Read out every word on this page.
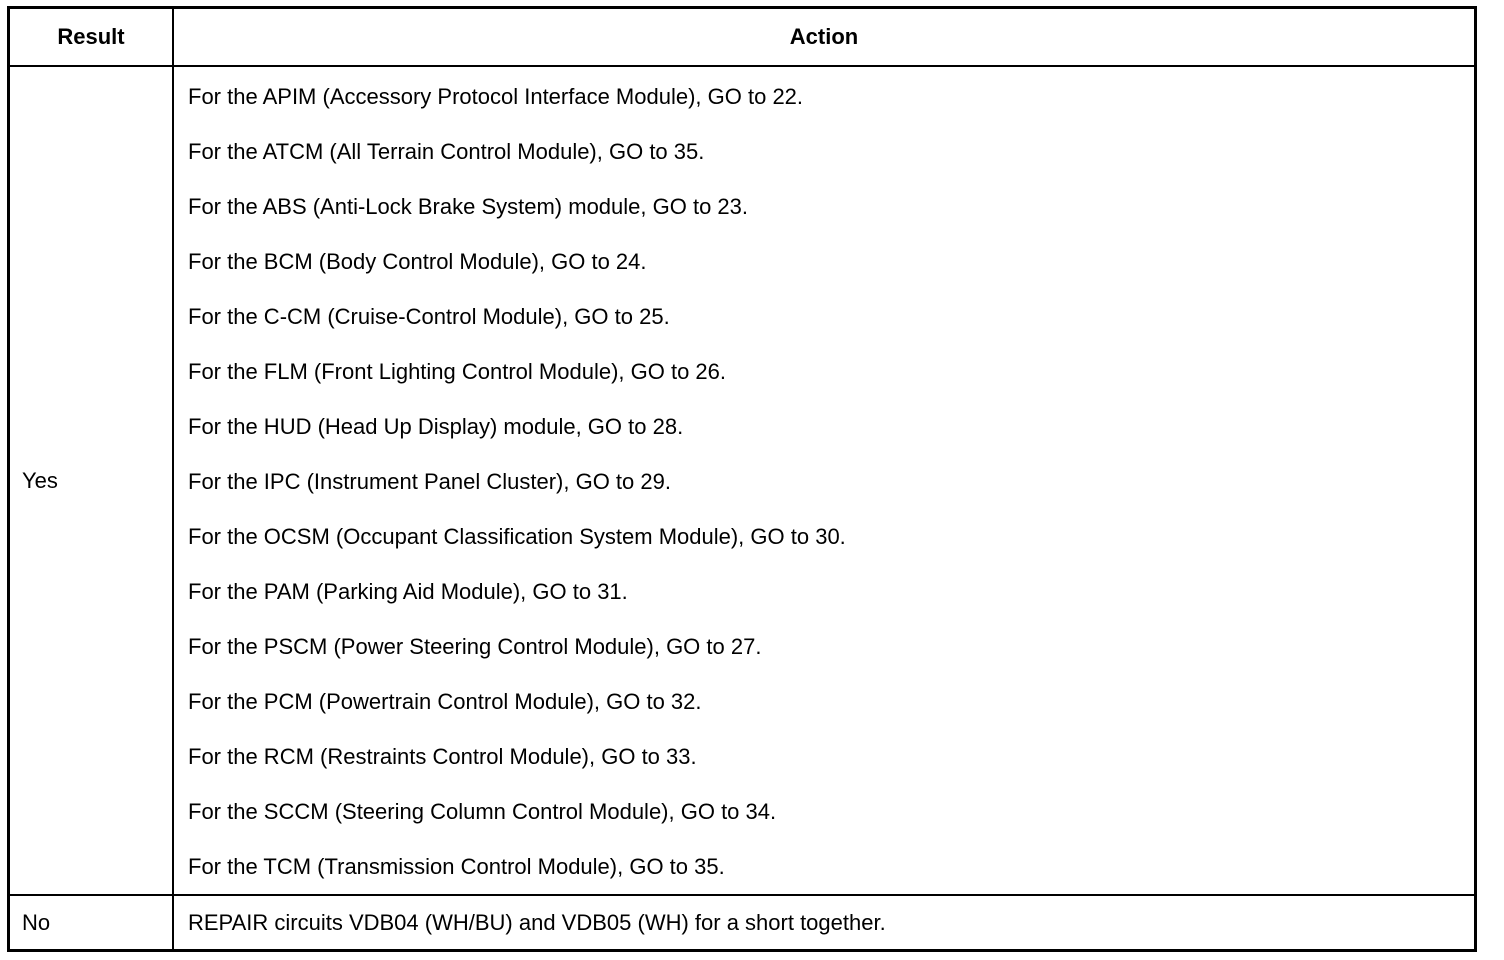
Result	Action
Yes
For the APIM (Accessory Protocol Interface Module), GO to 22.
For the ATCM (All Terrain Control Module), GO to 35.
For the ABS (Anti-Lock Brake System) module, GO to 23.
For the BCM (Body Control Module), GO to 24.
For the C-CM (Cruise-Control Module), GO to 25.
For the FLM (Front Lighting Control Module), GO to 26.
For the HUD (Head Up Display) module, GO to 28.
For the IPC (Instrument Panel Cluster), GO to 29.
For the OCSM (Occupant Classification System Module), GO to 30.
For the PAM (Parking Aid Module), GO to 31.
For the PSCM (Power Steering Control Module), GO to 27.
For the PCM (Powertrain Control Module), GO to 32.
For the RCM (Restraints Control Module), GO to 33.
For the SCCM (Steering Column Control Module), GO to 34.
For the TCM (Transmission Control Module), GO to 35.
No	REPAIR circuits VDB04 (WH/BU) and VDB05 (WH) for a short together.
